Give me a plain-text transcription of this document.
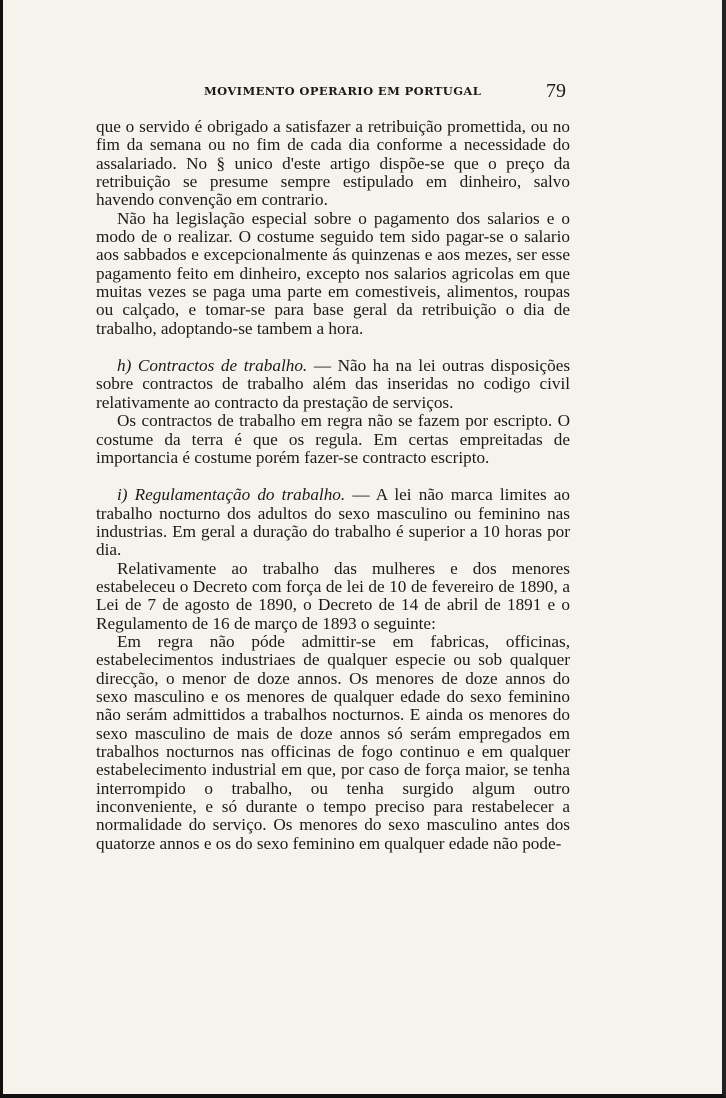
MOVIMENTO OPERARIO EM PORTUGAL	79

que o servido é obrigado a satisfazer a retribuição promettida, ou no fim da semana ou no fim de cada dia conforme a necessidade do assalariado. No § unico d'este artigo dispõe-se que o preço da retribuição se presume sempre estipulado em dinheiro, salvo havendo convenção em contrario.

Não ha legislação especial sobre o pagamento dos salarios e o modo de o realizar. O costume seguido tem sido pagar-se o salario aos sabbados e excepcionalmente ás quinzenas e aos mezes, ser esse pagamento feito em dinheiro, excepto nos salarios agricolas em que muitas vezes se paga uma parte em comestiveis, alimentos, roupas ou calçado, e tomar-se para base geral da retribuição o dia de trabalho, adoptando-se tambem a hora.

h) Contractos de trabalho. — Não ha na lei outras disposições sobre contractos de trabalho além das inseridas no codigo civil relativamente ao contracto da prestação de serviços.

Os contractos de trabalho em regra não se fazem por escripto. O costume da terra é que os regula. Em certas empreitadas de importancia é costume porém fazer-se contracto escripto.

i) Regulamentação do trabalho. — A lei não marca limites ao trabalho nocturno dos adultos do sexo masculino ou feminino nas industrias. Em geral a duração do trabalho é superior a 10 horas por dia.

Relativamente ao trabalho das mulheres e dos menores estabeleceu o Decreto com força de lei de 10 de fevereiro de 1890, a Lei de 7 de agosto de 1890, o Decreto de 14 de abril de 1891 e o Regulamento de 16 de março de 1893 o seguinte:

Em regra não póde admittir-se em fabricas, officinas, estabelecimentos industriaes de qualquer especie ou sob qualquer direcção, o menor de doze annos. Os menores de doze annos do sexo masculino e os menores de qualquer edade do sexo feminino não serám admittidos a trabalhos nocturnos. E ainda os menores do sexo masculino de mais de doze annos só serám empregados em trabalhos nocturnos nas officinas de fogo continuo e em qualquer estabelecimento industrial em que, por caso de força maior, se tenha interrompido o trabalho, ou tenha surgido algum outro inconveniente, e só durante o tempo preciso para restabelecer a normalidade do serviço. Os menores do sexo masculino antes dos quatorze annos e os do sexo feminino em qualquer edade não pode-
